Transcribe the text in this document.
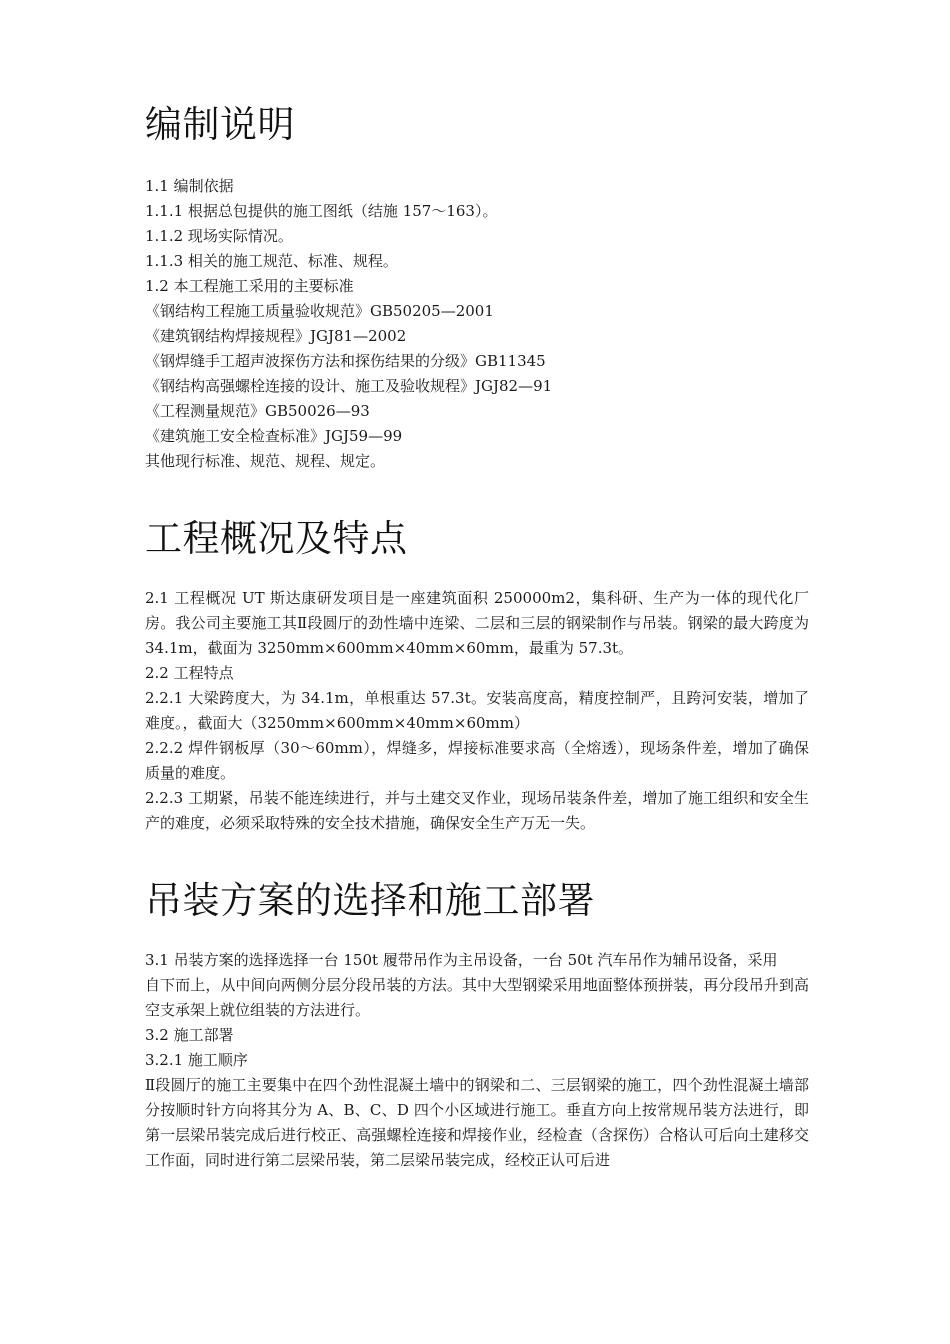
编制说明

1.1 编制依据

1.1.1 根据总包提供的施工图纸（结施 157～163）。

1.1.2 现场实际情况。

1.1.3 相关的施工规范、标准、规程。

1.2 本工程施工采用的主要标准

《钢结构工程施工质量验收规范》GB50205—2001

《建筑钢结构焊接规程》JGJ81—2002

《钢焊缝手工超声波探伤方法和探伤结果的分级》GB11345

《钢结构高强螺栓连接的设计、施工及验收规程》JGJ82—91

《工程测量规范》GB50026—93

《建筑施工安全检查标准》JGJ59—99

其他现行标准、规范、规程、规定。

工程概况及特点

2.1 工程概况 UT 斯达康研发项目是一座建筑面积 250000m2，集科研、生产为一体的现代化厂房。我公司主要施工其Ⅱ段圆厅的劲性墙中连梁、二层和三层的钢梁制作与吊装。钢梁的最大跨度为 34.1m，截面为 3250mm×600mm×40mm×60mm，最重为 57.3t。

2.2 工程特点

2.2.1 大梁跨度大，为 34.1m，单根重达 57.3t。安装高度高，精度控制严，且跨河安装，增加了难度。，截面大（3250mm×600mm×40mm×60mm）

2.2.2 焊件钢板厚（30～60mm），焊缝多，焊接标准要求高（全熔透），现场条件差，增加了确保质量的难度。

2.2.3 工期紧，吊装不能连续进行，并与土建交叉作业，现场吊装条件差，增加了施工组织和安全生产的难度，必须采取特殊的安全技术措施，确保安全生产万无一失。

吊装方案的选择和施工部署

3.1 吊装方案的选择选择一台 150t 履带吊作为主吊设备，一台 50t 汽车吊作为辅吊设备，采用

自下而上，从中间向两侧分层分段吊装的方法。其中大型钢梁采用地面整体预拼装，再分段吊升到高空支承架上就位组装的方法进行。

3.2 施工部署

3.2.1 施工顺序

Ⅱ段圆厅的施工主要集中在四个劲性混凝土墙中的钢梁和二、三层钢梁的施工，四个劲性混凝土墙部分按顺时针方向将其分为 A、B、C、D 四个小区域进行施工。垂直方向上按常规吊装方法进行，即第一层梁吊装完成后进行校正、高强螺栓连接和焊接作业，经检查（含探伤）合格认可后向土建移交工作面，同时进行第二层梁吊装，第二层梁吊装完成，经校正认可后进
